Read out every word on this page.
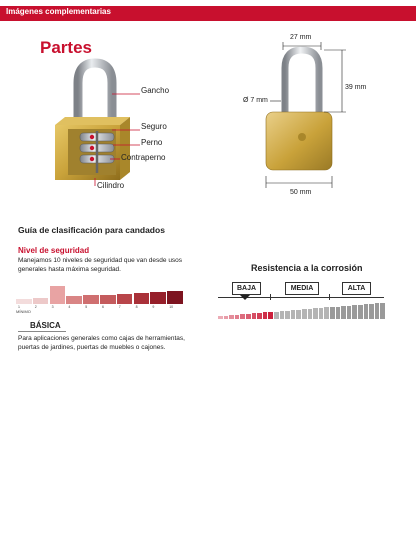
Imágenes complementarias
Partes
Gancho
Seguro
Perno
Contraperno
Cilindro
27 mm
Ø 7 mm
39 mm
50 mm
Guía de clasificación para candados
Nivel de seguridad
Manejamos 10 niveles de seguridad que van desde usos generales hasta máxima seguridad.
1	2	3	4	5	6	7	8	9	10
MÍNIMO
BÁSICA
Para aplicaciones generales como cajas de herramientas, puertas de jardines, puertas de muebles o cajones.
Resistencia a la corrosión
BAJA	MEDIA	ALTA
